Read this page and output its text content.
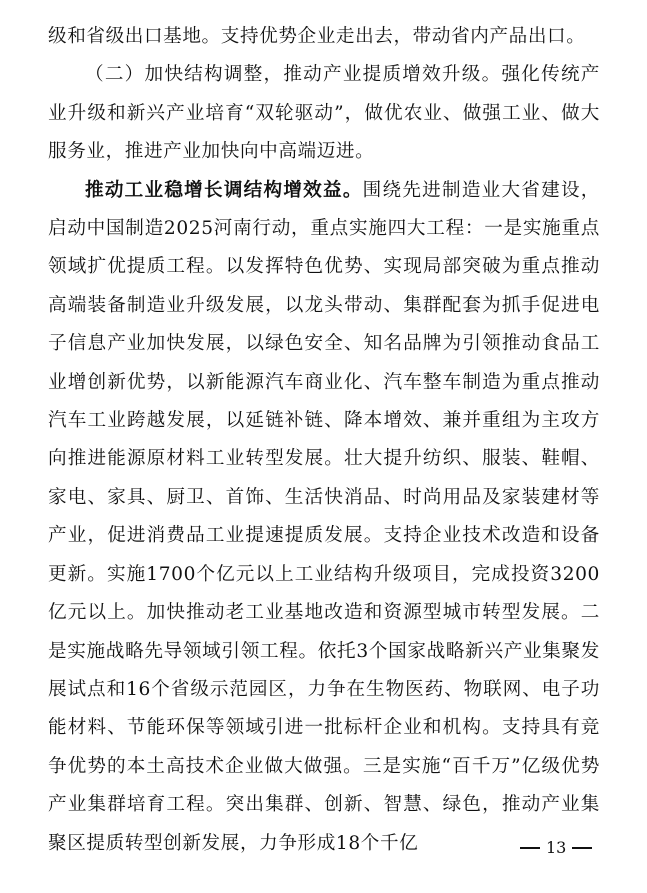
级和省级出口基地。支持优势企业走出去，带动省内产品出口。

（二）加快结构调整，推动产业提质增效升级。强化传统产业升级和新兴产业培育“双轮驱动”，做优农业、做强工业、做大服务业，推进产业加快向中高端迈进。

推动工业稳增长调结构增效益。围绕先进制造业大省建设，启动中国制造2025河南行动，重点实施四大工程：一是实施重点领域扩优提质工程。以发挥特色优势、实现局部突破为重点推动高端装备制造业升级发展，以龙头带动、集群配套为抓手促进电子信息产业加快发展，以绿色安全、知名品牌为引领推动食品工业增创新优势，以新能源汽车商业化、汽车整车制造为重点推动汽车工业跨越发展，以延链补链、降本增效、兼并重组为主攻方向推进能源原材料工业转型发展。壮大提升纺织、服装、鞋帽、家电、家具、厨卫、首饰、生活快消品、时尚用品及家装建材等产业，促进消费品工业提速提质发展。支持企业技术改造和设备更新。实施1700个亿元以上工业结构升级项目，完成投资3200亿元以上。加快推动老工业基地改造和资源型城市转型发展。二是实施战略先导领域引领工程。依托3个国家战略新兴产业集聚发展试点和16个省级示范园区，力争在生物医药、物联网、电子功能材料、节能环保等领域引进一批标杆企业和机构。支持具有竞争优势的本土高技术企业做大做强。三是实施“百千万”亿级优势产业集群培育工程。突出集群、创新、智慧、绿色，推动产业集聚区提质转型创新发展，力争形成18个千亿	13
